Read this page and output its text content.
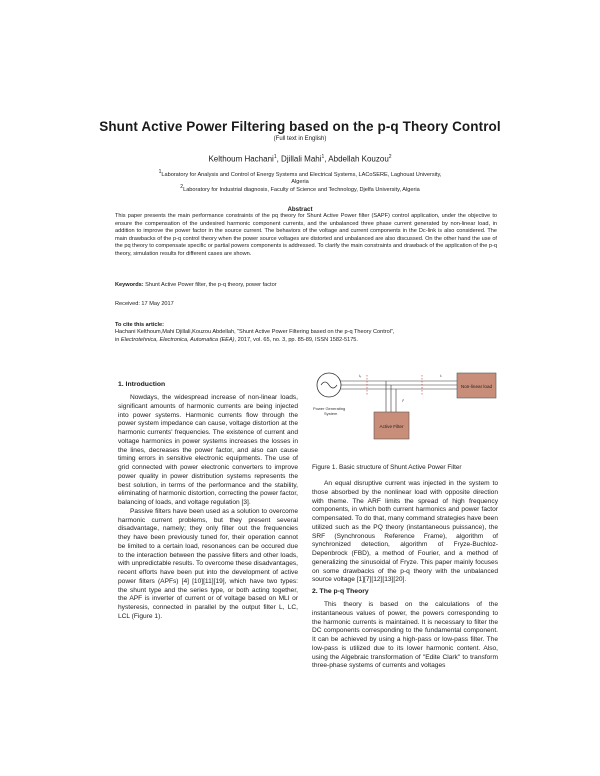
Shunt Active Power Filtering based on the p-q Theory Control
(Full text in English)
Kelthoum Hachani$^1$, Djillali Mahi$^1$, Abdellah Kouzou$^2$
$^1$Laboratory for Analysis and Control of Energy Systems and Electrical Systems, LACoSERE, Laghouat University,
Algeria
$^2$Laboratory for Industrial diagnosis, Faculty of Science and Technology, Djelfa University, Algeria
Abstract
This paper presents the main performance constraints of the pq theory for Shunt Active Power filter (SAPF) control application, under the objective to ensure the compensation of the undesired harmonic component currents, and the unbalanced three phase current generated by non-linear load, in addition to improve the power factor in the source current. The behaviors of the voltage and current components in the Dc-link is also considered. The main drawbacks of the p-q control theory when the power source voltages are distorted and unbalanced are also discussed. On the other hand the use of the pq theory to compensate specific or partial powers components is addressed. To clarify the main constraints and drawback of the application of the p-q theory, simulation results for different cases are shown.
Keywords: Shunt Active Power filter, the p-q theory, power factor
Received: 17 May 2017
To cite this article:
Hachani Kelthoum,Mahi Djillali,Kouzou Abdellah, “Shunt Active Power Filtering based on the p-q Theory Control”,
in Electrotehnica, Electronica, Automatica (EEA), 2017, vol. 65, no. 3, pp. 85-89, ISSN 1582-5175.
1. Introduction

Nowdays, the widespread increase of non-linear loads, significant amounts of harmonic currents are being injected into power systems. Harmonic currents flow through the power system impedance can cause, voltage distortion at the harmonic currents' frequencies. The existence of current and voltage harmonics in power systems increases the losses in the lines, decreases the power factor, and also can cause timing errors in sensitive electronic equipments. The use of grid connected with power electronic converters to improve power quality in power distribution systems represents the best solution, in terms of the performance and the stability, eliminating of harmonic distortion, correcting the power factor, balancing of loads, and voltage regulation [3].

Passive filters have been used as a solution to overcome harmonic current problems, but they present several disadvantage, namely; they only filter out the frequencies they have been previously tuned for, their operation cannot be limited to a certain load, resonances can be occured due to the interaction between the passive filters and other loads, with unpredictable results. To overcome these disadvantages, recent efforts have been put into the development of active power filters (APFs) [4] [10][11][19], which have two types: the shunt type and the series type, or both acting together, the APF is inverter of current or of voltage based on MLI or hysteresis, connected in parallel by the output filter L, LC, LCL (Figure 1).

Non-linear load
iₛ	iₗ
iᶠ
Active Filter
Power Generating
System
Figure 1. Basic structure of Shunt Active Power Filter

An equal disruptive current was injected in the system to those absorbed by the nonlinear load with opposite direction with theme. The ARF limits the spread of high frequency components, in which both current harmonics and power factor compensated. To do that, many command strategies have been utilized such as the PQ theory (instantaneous puissance), the SRF (Synchronous Reference Frame), algorithm of synchronized detection, algorithm of Fryze-Buchloz-Depenbrock (FBD), a method of Fourier, and a method of generalizing the sinusoidal of Fryze. This paper mainly focuses on some drawbacks of the p-q theory with the unbalanced source voltage [1][7][12][13][20].

2. The p-q Theory

This theory is based on the calculations of the instantaneous values of power, the powers corresponding to the harmonic currents is maintained. It is necessary to filter the DC components corresponding to the fundamental component. It can be achieved by using a high-pass or low-pass filter. The low-pass is utilized due to its lower harmonic content. Also, using the Algebraic transformation of "Edite Clark" to transform three-phase systems of currents and voltages
